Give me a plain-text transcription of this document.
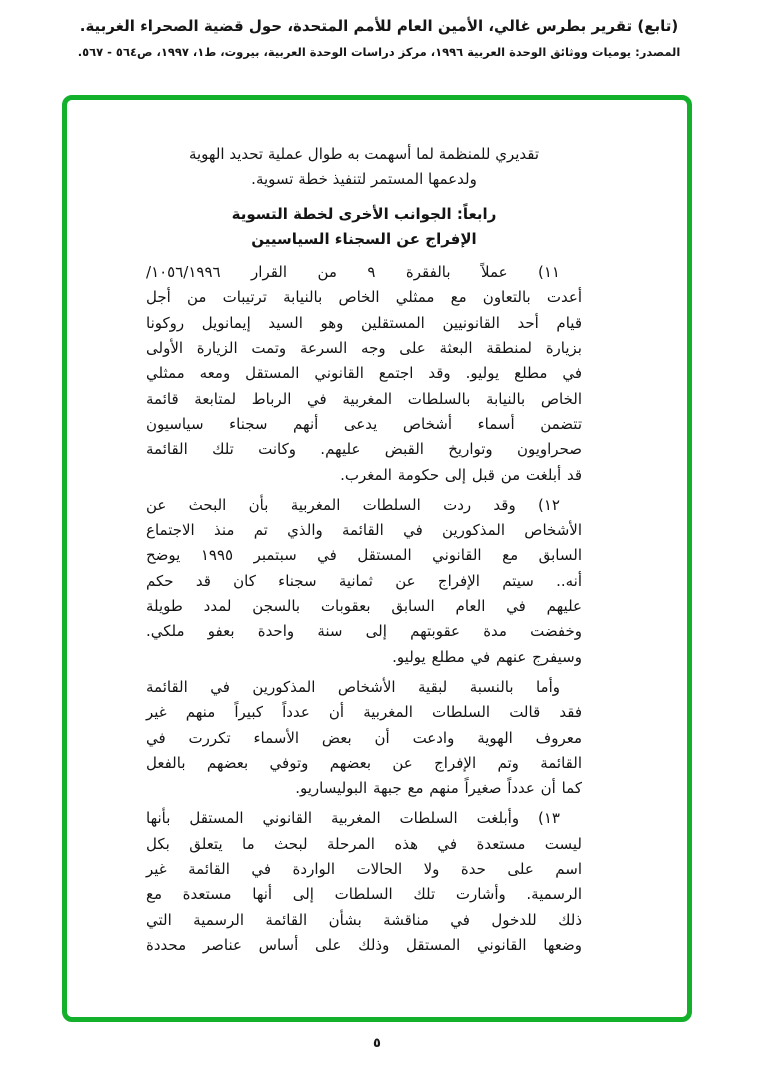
(تابع) تقرير بطرس غالي، الأمين العام للأمم المتحدة، حول قضية الصحراء الغربية.
المصدر: يوميات ووثائق الوحدة العربية ١٩٩٦، مركز دراسات الوحدة العربية، بيروت، ط١، ١٩٩٧، ص٥٦٤ - ٥٦٧.
تقديري للمنظمة لما أسهمت به طوال عملية تحديد الهوية
ولدعمها المستمر لتنفيذ خطة تسوية.
رابعاً: الجوانب الأخرى لخطة التسوية
الإفراج عن السجناء السياسيين
١١) عملاً بالفقرة ٩ من القرار ١٠٥٦/١٩٩٦/
أعدت بالتعاون مع ممثلي الخاص بالنيابة ترتيبات من أجل
قيام أحد القانونيين المستقلين وهو السيد إيمانويل روكونا
بزيارة لمنطقة البعثة على وجه السرعة وتمت الزيارة الأولى
في مطلع يوليو. وقد اجتمع القانوني المستقل ومعه ممثلي
الخاص بالنيابة بالسلطات المغربية في الرباط لمتابعة قائمة
تتضمن أسماء أشخاص يدعى أنهم سجناء سياسيون
صحراويون وتواريخ القبض عليهم. وكانت تلك القائمة
قد أبلغت من قبل إلى حكومة المغرب.
١٢) وقد ردت السلطات المغربية بأن البحث عن
الأشخاص المذكورين في القائمة والذي تم منذ الاجتماع
السابق مع القانوني المستقل في سبتمبر ١٩٩٥ يوضح
أنه.. سيتم الإفراج عن ثمانية سجناء كان قد حكم
عليهم في العام السابق بعقوبات بالسجن لمدد طويلة
وخفضت مدة عقوبتهم إلى سنة واحدة بعفو ملكي.
وسيفرج عنهم في مطلع يوليو.
وأما بالنسبة لبقية الأشخاص المذكورين في القائمة
فقد قالت السلطات المغربية أن عدداً كبيراً منهم غير
معروف الهوية وادعت أن بعض الأسماء تكررت في
القائمة وتم الإفراج عن بعضهم وتوفي بعضهم بالفعل
كما أن عدداً صغيراً منهم مع جبهة البوليساريو.
١٣) وأبلغت السلطات المغربية القانوني المستقل بأنها
ليست مستعدة في هذه المرحلة لبحث ما يتعلق بكل
اسم على حدة ولا الحالات الواردة في القائمة غير
الرسمية. وأشارت تلك السلطات إلى أنها مستعدة مع
ذلك للدخول في مناقشة بشأن القائمة الرسمية التي
وضعها القانوني المستقل وذلك على أساس عناصر محددة
٥
